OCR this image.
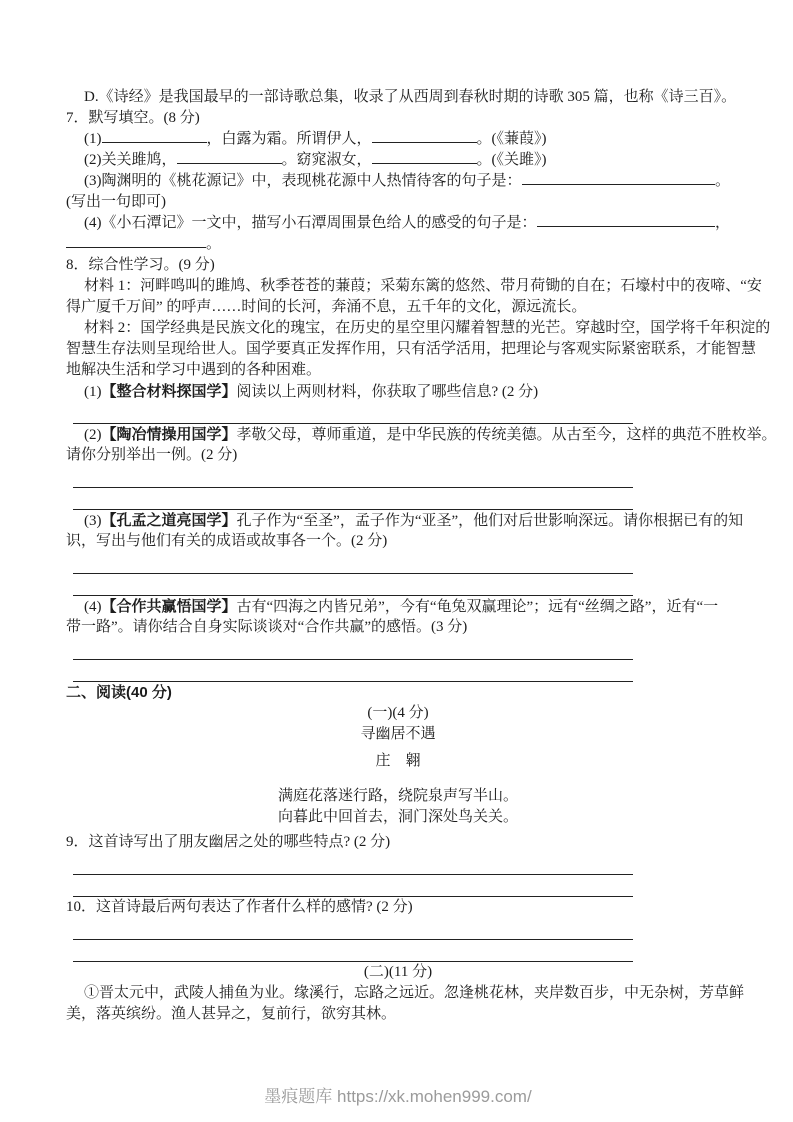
D.《诗经》是我国最早的一部诗歌总集，收录了从西周到春秋时期的诗歌 305 篇，也称《诗三百》。
7．默写填空。(8 分)
(1)	，白露为霜。所谓伊人，	。(《蒹葭》)
(2)关关雎鸠，	。窈窕淑女，	。(《关雎》)
(3)陶渊明的《桃花源记》中，表现桃花源中人热情待客的句子是：	。
(写出一句即可)
(4)《小石潭记》一文中，描写小石潭周围景色给人的感受的句子是：	，
。
8．综合性学习。(9 分)
材料 1：河畔鸣叫的雎鸠、秋季苍苍的蒹葭；采菊东篱的悠然、带月荷锄的自在；石壕村中的夜啼、“安
得广厦千万间” 的呼声……时间的长河，奔涌不息，五千年的文化，源远流长。
材料 2：国学经典是民族文化的瑰宝，在历史的星空里闪耀着智慧的光芒。穿越时空，国学将千年积淀的
智慧生存法则呈现给世人。国学要真正发挥作用，只有活学活用，把理论与客观实际紧密联系，才能智慧
地解决生活和学习中遇到的各种困难。
(1)【整合材料探国学】阅读以上两则材料，你获取了哪些信息? (2 分)
(2)【陶冶情操用国学】孝敬父母，尊师重道，是中华民族的传统美德。从古至今，这样的典范不胜枚举。
请你分别举出一例。(2 分)
(3)【孔孟之道亮国学】孔子作为“至圣”，孟子作为“亚圣”，他们对后世影响深远。请你根据已有的知
识，写出与他们有关的成语或故事各一个。(2 分)
(4)【合作共赢悟国学】古有“四海之内皆兄弟”，今有“龟兔双赢理论”；远有“丝绸之路”，近有“一
带一路”。请你结合自身实际谈谈对“合作共赢”的感悟。(3 分)
二、阅读(40 分)
(一)(4 分)
寻幽居不遇
庄　翱
满庭花落迷行路，绕院泉声写半山。
向暮此中回首去，洞门深处鸟关关。
9．这首诗写出了朋友幽居之处的哪些特点? (2 分)
10．这首诗最后两句表达了作者什么样的感情? (2 分)
(二)(11 分)
①晋太元中，武陵人捕鱼为业。缘溪行，忘路之远近。忽逢桃花林，夹岸数百步，中无杂树，芳草鲜
美，落英缤纷。渔人甚异之，复前行，欲穷其林。
墨痕题库 https://xk.mohen999.com/
